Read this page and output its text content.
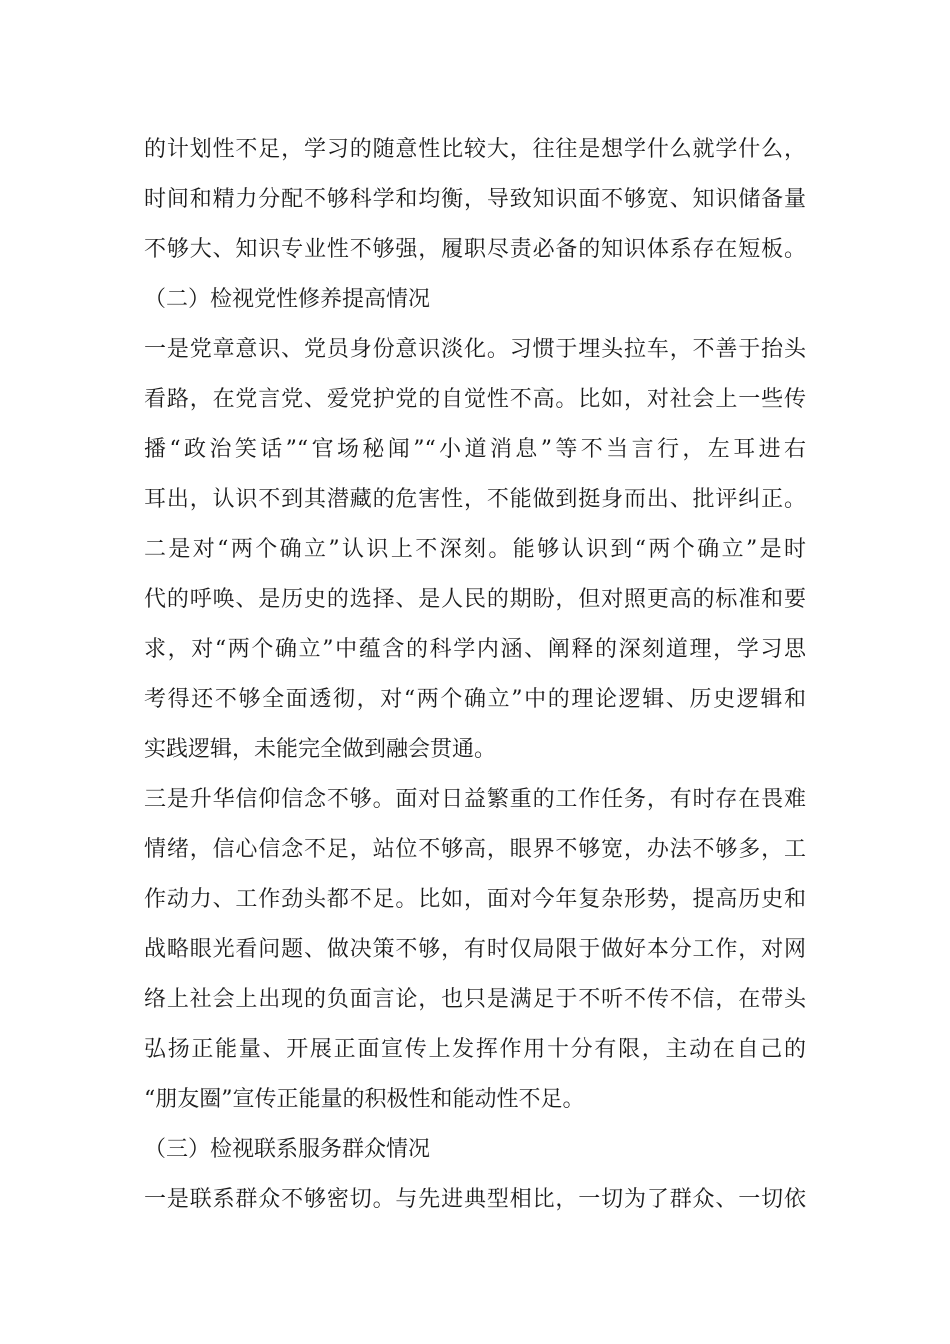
的计划性不足，学习的随意性比较大，往往是想学什么就学什么，
时间和精力分配不够科学和均衡，导致知识面不够宽、知识储备量
不够大、知识专业性不够强，履职尽责必备的知识体系存在短板。
（二）检视党性修养提高情况
一是党章意识、党员身份意识淡化。习惯于埋头拉车，不善于抬头
看路，在党言党、爱党护党的自觉性不高。比如，对社会上一些传
播“政治笑话”“官场秘闻”“小道消息”等不当言行，左耳进右
耳出，认识不到其潜藏的危害性，不能做到挺身而出、批评纠正。
二是对“两个确立”认识上不深刻。能够认识到“两个确立”是时
代的呼唤、是历史的选择、是人民的期盼，但对照更高的标准和要
求，对“两个确立”中蕴含的科学内涵、阐释的深刻道理，学习思
考得还不够全面透彻，对“两个确立”中的理论逻辑、历史逻辑和
实践逻辑，未能完全做到融会贯通。
三是升华信仰信念不够。面对日益繁重的工作任务，有时存在畏难
情绪，信心信念不足，站位不够高，眼界不够宽，办法不够多，工
作动力、工作劲头都不足。比如，面对今年复杂形势，提高历史和
战略眼光看问题、做决策不够，有时仅局限于做好本分工作，对网
络上社会上出现的负面言论，也只是满足于不听不传不信，在带头
弘扬正能量、开展正面宣传上发挥作用十分有限，主动在自己的
“朋友圈”宣传正能量的积极性和能动性不足。
（三）检视联系服务群众情况
一是联系群众不够密切。与先进典型相比，一切为了群众、一切依
